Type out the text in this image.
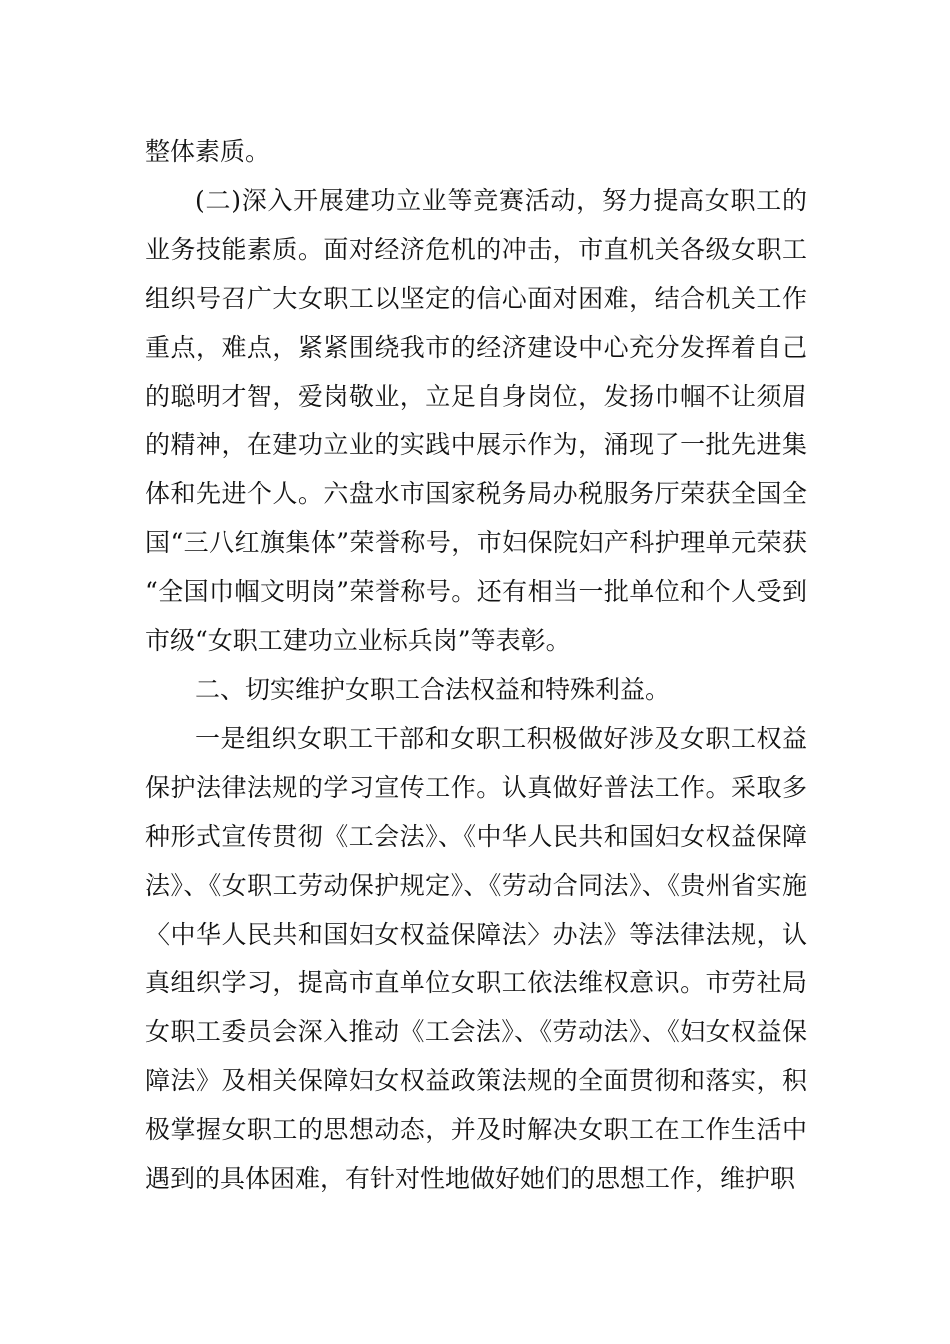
整体素质。

(二)深入开展建功立业等竞赛活动，努力提高女职工的业务技能素质。面对经济危机的冲击，市直机关各级女职工组织号召广大女职工以坚定的信心面对困难，结合机关工作重点，难点，紧紧围绕我市的经济建设中心充分发挥着自己的聪明才智，爱岗敬业，立足自身岗位，发扬巾帼不让须眉的精神，在建功立业的实践中展示作为，涌现了一批先进集体和先进个人。六盘水市国家税务局办税服务厅荣获全国全国“三八红旗集体”荣誉称号，市妇保院妇产科护理单元荣获“全国巾帼文明岗”荣誉称号。还有相当一批单位和个人受到市级“女职工建功立业标兵岗”等表彰。

二、切实维护女职工合法权益和特殊利益。

一是组织女职工干部和女职工积极做好涉及女职工权益保护法律法规的学习宣传工作。认真做好普法工作。采取多种形式宣传贯彻《工会法》、《中华人民共和国妇女权益保障法》、《女职工劳动保护规定》、《劳动合同法》、《贵州省实施〈中华人民共和国妇女权益保障法〉办法》等法律法规，认真组织学习，提高市直单位女职工依法维权意识。市劳社局女职工委员会深入推动《工会法》、《劳动法》、《妇女权益保障法》及相关保障妇女权益政策法规的全面贯彻和落实，积极掌握女职工的思想动态，并及时解决女职工在工作生活中遇到的具体困难，有针对性地做好她们的思想工作，维护职
